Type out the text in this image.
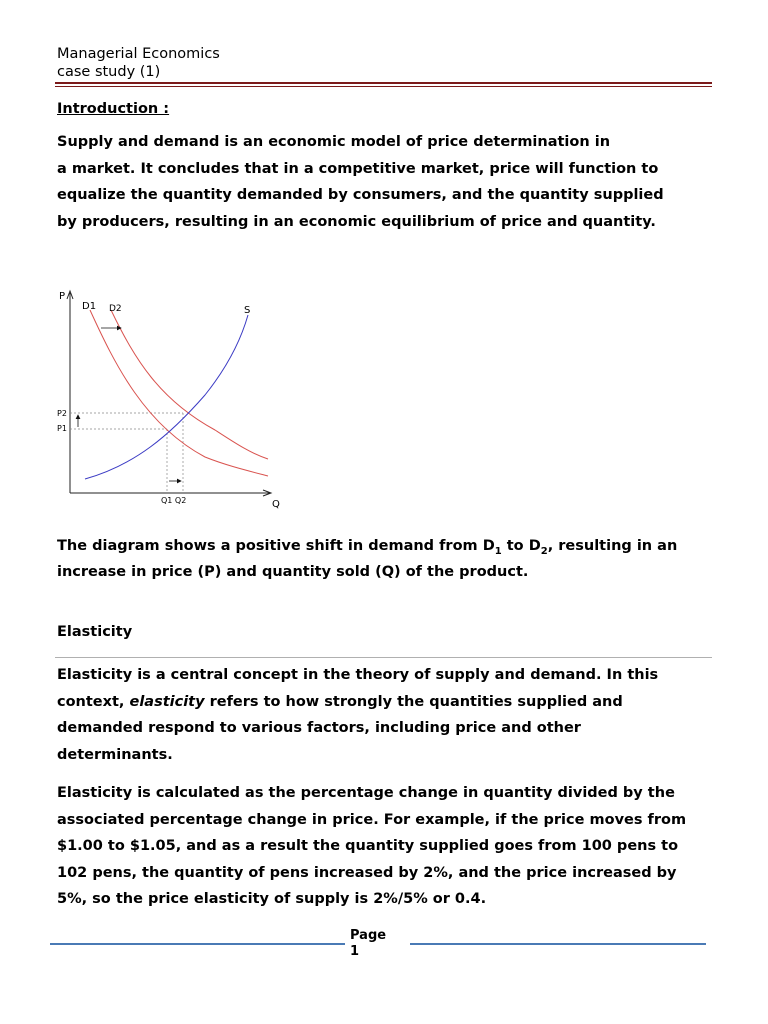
Managerial Economics
case study (1)
Introduction :
Supply and demand is an economic model of price determination in
a market. It concludes that in a competitive market, price will function to
equalize the quantity demanded by consumers, and the quantity supplied
by producers, resulting in an economic equilibrium of price and quantity.
P
Q
D1 D2	S
P2
P1
Q1 Q2
The diagram shows a positive shift in demand from $D_1$ to $D_2$, resulting in an
increase in price (P) and quantity sold (Q) of the product.
Elasticity
Elasticity is a central concept in the theory of supply and demand. In this
context, elasticity refers to how strongly the quantities supplied and
demanded respond to various factors, including price and other
determinants.
Elasticity is calculated as the percentage change in quantity divided by the
associated percentage change in price. For example, if the price moves from
$1.00 to $1.05, and as a result the quantity supplied goes from 100 pens to
102 pens, the quantity of pens increased by 2%, and the price increased by
5%, so the price elasticity of supply is 2%/5% or 0.4.
Page
1
